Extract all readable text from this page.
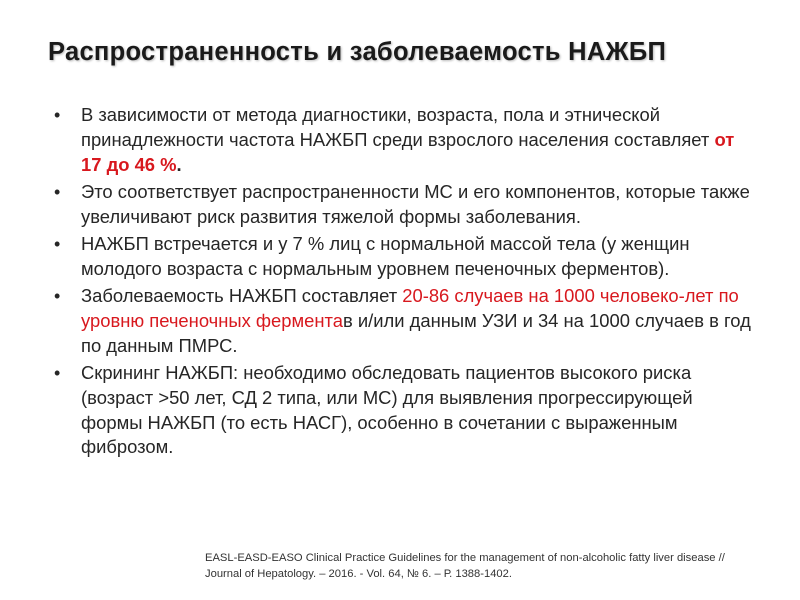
Распространенность и заболеваемость НАЖБП
• В зависимости от метода диагностики, возраста, пола и этнической принадлежности частота НАЖБП среди взрослого населения составляет от 17 до 46 %.
• Это соответствует распространенности МС и его компонентов, которые также увеличивают риск развития тяжелой формы заболевания.
• НАЖБП встречается и у 7 % лиц с нормальной массой тела (у женщин молодого возраста с нормальным уровнем печеночных ферментов).
• Заболеваемость НАЖБП составляет 20-86 случаев на 1000 человеко-лет по уровню печеночных ферментав и/или данным УЗИ и 34 на 1000 случаев в год по данным ПМРС.
• Скрининг НАЖБП: необходимо обследовать пациентов высокого риска (возраст >50 лет, СД 2 типа, или МС) для выявления прогрессирующей формы НАЖБП (то есть НАСГ), особенно в сочетании с выраженным фиброзом.
EASL-EASD-EASO Clinical Practice Guidelines for the management of non-alcoholic fatty liver disease //
Journal of Hepatology. – 2016. - Vol. 64, № 6. – Р. 1388-1402.
